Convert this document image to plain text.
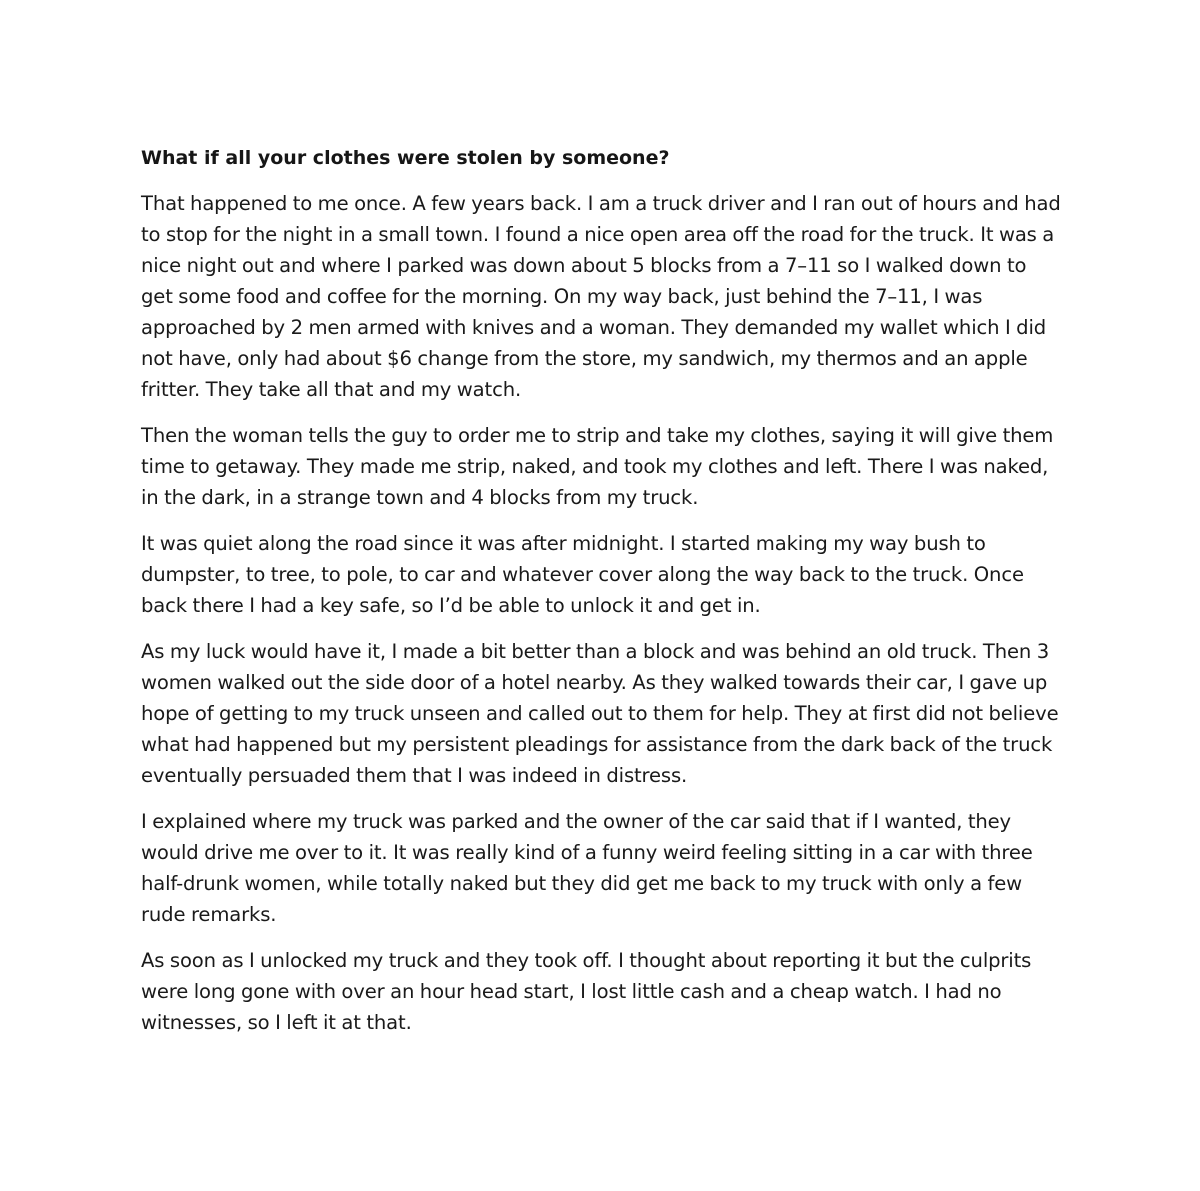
What if all your clothes were stolen by someone?

That happened to me once. A few years back. I am a truck driver and I ran out of hours and had to stop for the night in a small town. I found a nice open area off the road for the truck. It was a nice night out and where I parked was down about 5 blocks from a 7–11 so I walked down to get some food and coffee for the morning. On my way back, just behind the 7–11, I was approached by 2 men armed with knives and a woman. They demanded my wallet which I did not have, only had about $6 change from the store, my sandwich, my thermos and an apple fritter. They take all that and my watch.

Then the woman tells the guy to order me to strip and take my clothes, saying it will give them time to getaway. They made me strip, naked, and took my clothes and left. There I was naked, in the dark, in a strange town and 4 blocks from my truck.

It was quiet along the road since it was after midnight. I started making my way bush to dumpster, to tree, to pole, to car and whatever cover along the way back to the truck. Once back there I had a key safe, so I’d be able to unlock it and get in.

As my luck would have it, I made a bit better than a block and was behind an old truck. Then 3 women walked out the side door of a hotel nearby. As they walked towards their car, I gave up hope of getting to my truck unseen and called out to them for help. They at first did not believe what had happened but my persistent pleadings for assistance from the dark back of the truck eventually persuaded them that I was indeed in distress.

I explained where my truck was parked and the owner of the car said that if I wanted, they would drive me over to it. It was really kind of a funny weird feeling sitting in a car with three half-drunk women, while totally naked but they did get me back to my truck with only a few rude remarks.

As soon as I unlocked my truck and they took off. I thought about reporting it but the culprits were long gone with over an hour head start, I lost little cash and a cheap watch. I had no witnesses, so I left it at that.
